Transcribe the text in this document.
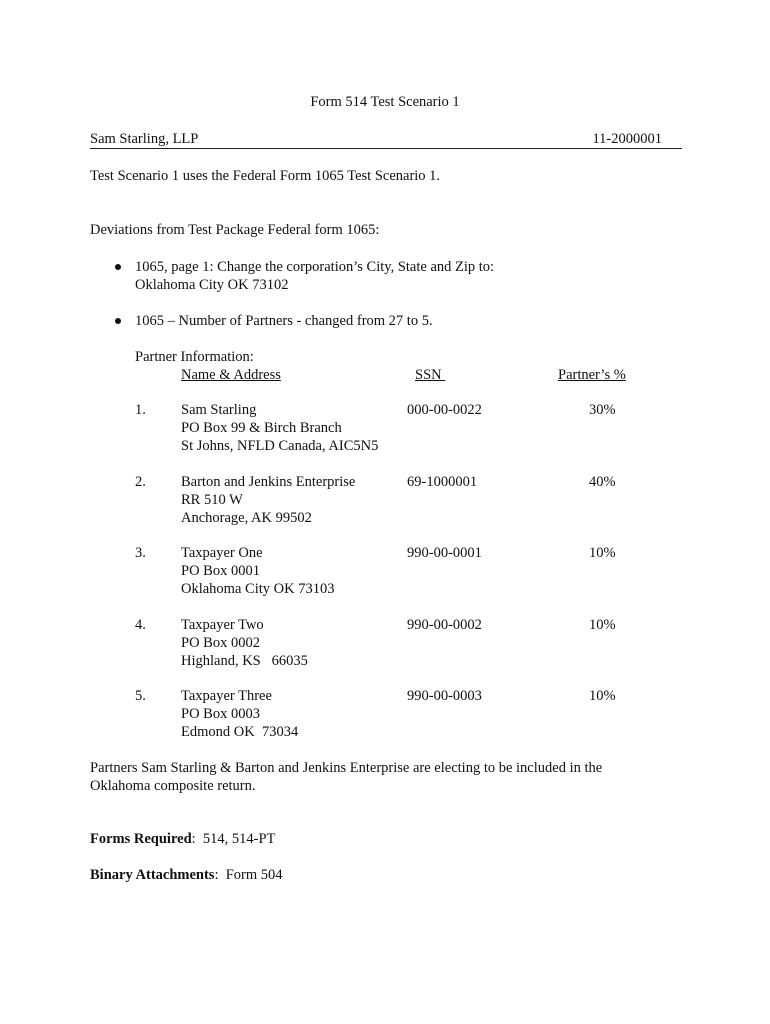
Form 514 Test Scenario 1
Sam Starling, LLP	11-2000001
Test Scenario 1 uses the Federal Form 1065 Test Scenario 1.
Deviations from Test Package Federal form 1065:
1065, page 1: Change the corporation’s City, State and Zip to:
Oklahoma City OK 73102
1065 – Number of Partners - changed from 27 to 5.
Partner Information:
Name & Address	SSN	Partner’s %
1. Sam Starling
PO Box 99 & Birch Branch
St Johns, NFLD Canada, AIC5N5
000-00-0022	30%
2. Barton and Jenkins Enterprise
RR 510 W
Anchorage, AK 99502
69-1000001	40%
3. Taxpayer One
PO Box 0001
Oklahoma City OK 73103
990-00-0001	10%
4. Taxpayer Two
PO Box 0002
Highland, KS   66035
990-00-0002	10%
5. Taxpayer Three
PO Box 0003
Edmond OK  73034
990-00-0003	10%
Partners Sam Starling & Barton and Jenkins Enterprise are electing to be included in the
Oklahoma composite return.
Forms Required:  514, 514-PT
Binary Attachments:  Form 504
